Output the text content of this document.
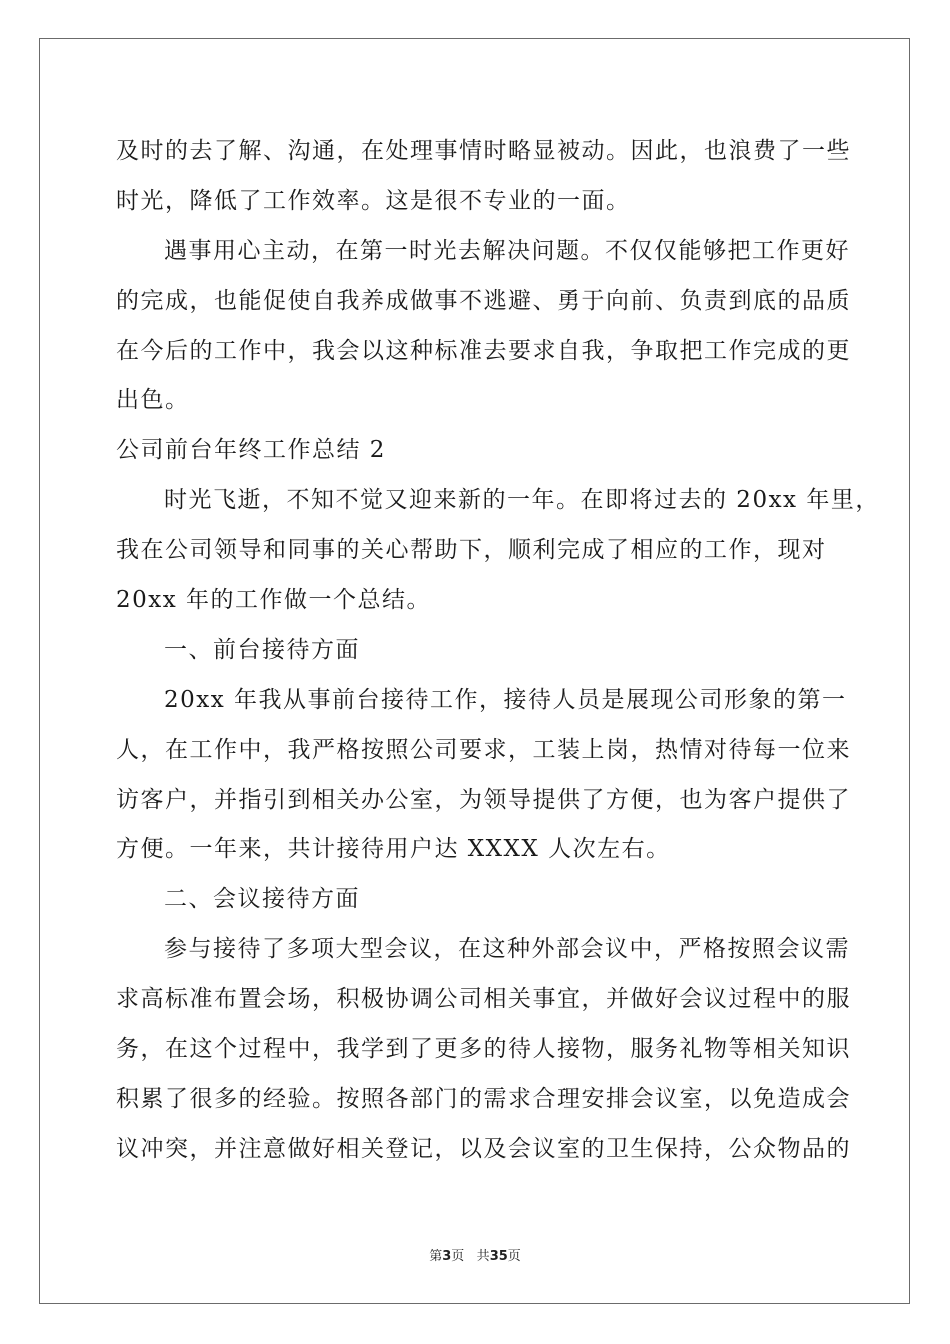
及时的去了解、沟通，在处理事情时略显被动。因此，也浪费了一些
时光，降低了工作效率。这是很不专业的一面。
遇事用心主动，在第一时光去解决问题。不仅仅能够把工作更好
的完成，也能促使自我养成做事不逃避、勇于向前、负责到底的品质
在今后的工作中，我会以这种标准去要求自我，争取把工作完成的更
出色。
公司前台年终工作总结 2
时光飞逝，不知不觉又迎来新的一年。在即将过去的 20xx 年里，
我在公司领导和同事的关心帮助下，顺利完成了相应的工作，现对
20xx 年的工作做一个总结。
一、前台接待方面
20xx 年我从事前台接待工作，接待人员是展现公司形象的第一
人，在工作中，我严格按照公司要求，工装上岗，热情对待每一位来
访客户，并指引到相关办公室，为领导提供了方便，也为客户提供了
方便。一年来，共计接待用户达 XXXX 人次左右。
二、会议接待方面
参与接待了多项大型会议，在这种外部会议中，严格按照会议需
求高标准布置会场，积极协调公司相关事宜，并做好会议过程中的服
务，在这个过程中，我学到了更多的待人接物，服务礼物等相关知识
积累了很多的经验。按照各部门的需求合理安排会议室，以免造成会
议冲突，并注意做好相关登记，以及会议室的卫生保持，公众物品的
第3页 共35页
